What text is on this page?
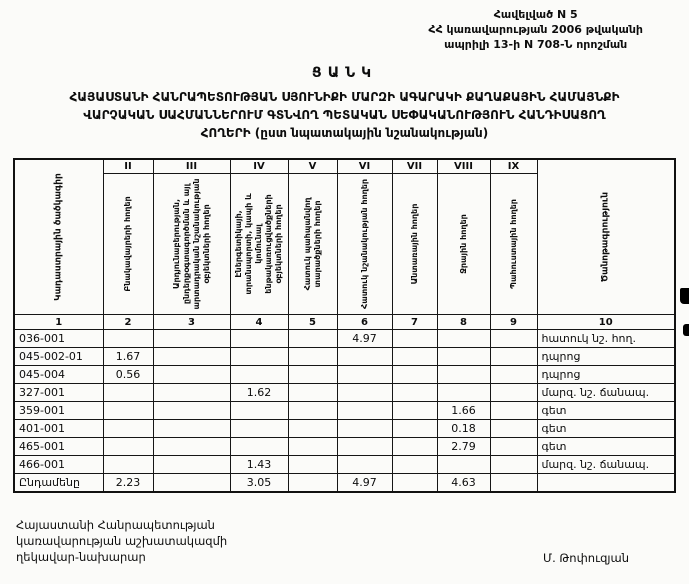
Հավելված N 5
ՀՀ կառավարության 2006 թվականի
ապրիլի 13-ի N 708-Ն որոշման
ՑԱՆԿ
ՀԱՅԱՍՏԱՆԻ ՀԱՆՐԱՊԵՏՈՒԹՅԱՆ ՍՅՈՒՆԻՔԻ ՄԱՐԶԻ ԱԳԱՐԱԿԻ ՔԱՂԱՔԱՅԻՆ ՀԱՄԱՅՆՔԻ
ՎԱՐՉԱԿԱՆ ՍԱՀՄԱՆՆԵՐՈՒՄ ԳՏՆՎՈՂ ՊԵՏԱԿԱՆ ՍԵՓԱԿԱՆՈՒԹՅՈՒՆ ՀԱՆԴԻՍԱՑՈՂ
ՀՈՂԵՐԻ (ըստ նպատակային նշանակության)
Կադաստրային ծածկագիր	II	III	IV	V	VI	VII	VIII	IX	Ծանոթագրություն

	Բնակավայրերի հողեր	Արդյունաբերության, ընդերքօգտագործման և այլ արտադրական նշանակության օբյեկտների հողեր	Էներգետիկայի, տրանսպորտի, կապի և կոմունալ ենթակառուցվածքների օբյեկտների հողեր	Հատուկ պահպանվող տարածքների հողեր	Հատուկ նշանակության հողեր	Անտառային հողեր	Ջրային հողեր	Պահուստային հողեր	

1	2	3	4	5	6	7	8	9	10
036-001					4.97				հատուկ նշ. հող.
045-002-01	1.67								դպրոց
045-004	0.56								դպրոց
327-001			1.62						մարզ. նշ. ճանապ.
359-001							1.66		գետ
401-001							0.18		գետ
465-001							2.79		գետ
466-001			1.43						մարզ. նշ. ճանապ.
Ընդամենը	2.23		3.05		4.97		4.63		
Հայաստանի Հանրապետության
կառավարության աշխատակազմի
ղեկավար-նախարար	Մ. Թոփուզյան
